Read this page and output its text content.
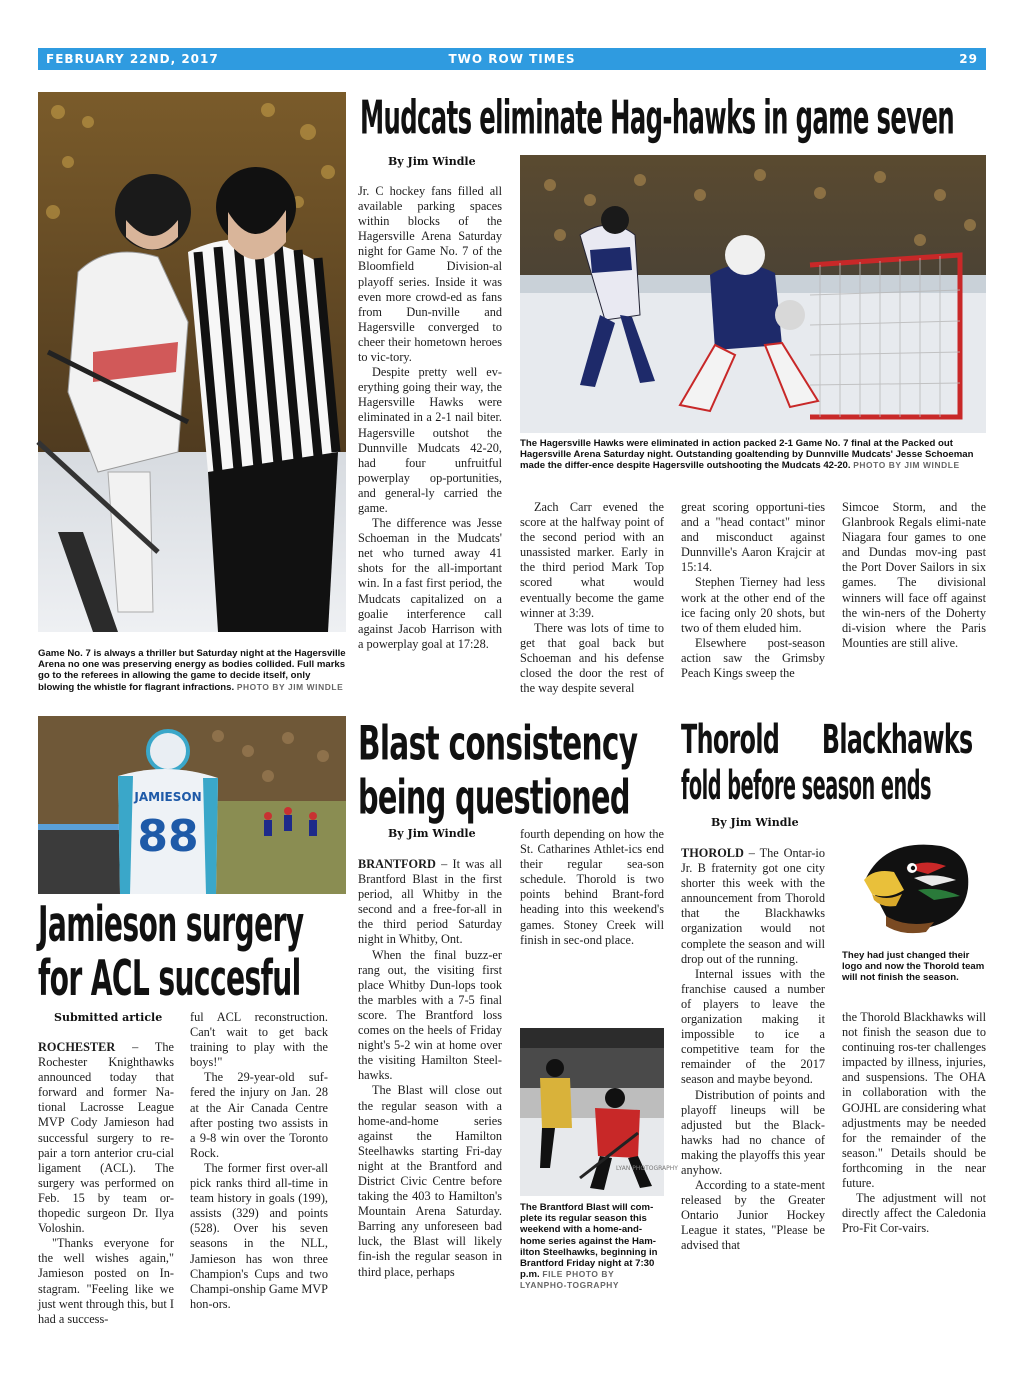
TWO ROW TIMES
FEBRUARY 22ND, 2017	29
Game No. 7 is always a thriller but Saturday night at the Hagersville Arena no one was preserving energy as bodies collided. Full marks go to the referees in allowing the game to decide itself, only blowing the whistle for flagrant infractions. PHOTO BY JIM WINDLE
Mudcats eliminate Hag-hawks in game seven
By Jim Windle

Jr. C hockey fans filled all available parking spaces within blocks of the Hagersville Arena Saturday night for Game No. 7 of the Bloomfield Division-al playoff series. Inside it was even more crowd-ed as fans from Dun-nville and Hagersville converged to cheer their hometown heroes to vic-tory.

Despite pretty well ev-erything going their way, the Hagersville Hawks were eliminated in a 2-1 nail biter. Hagersville outshot the Dunnville Mudcats 42-20, had four unfruitful powerplay op-portunities, and general-ly carried the game.

The difference was Jesse Schoeman in the Mudcats' net who turned away 41 shots for the all-important win. In a fast first period, the Mudcats capitalized on a goalie interference call against Jacob Harrison with a powerplay goal at 17:28.

The Hagersville Hawks were eliminated in action packed 2-1 Game No. 7 final at the Packed out Hagersville Arena Saturday night. Outstanding goaltending by Dunnville Mudcats' Jesse Schoeman made the differ-ence despite Hagersville outshooting the Mudcats 42-20. PHOTO BY JIM WINDLE

Zach Carr evened the score at the halfway point of the second period with an unassisted marker. Early in the third period Mark Top scored what would eventually become the game winner at 3:39.

There was lots of time to get that goal back but Schoeman and his defense closed the door the rest of the way despite several

great scoring opportuni-ties and a "head contact" minor and misconduct against Dunnville's Aaron Krajcir at 15:14.

Stephen Tierney had less work at the other end of the ice facing only 20 shots, but two of them eluded him.

Elsewhere post-season action saw the Grimsby Peach Kings sweep the

Simcoe Storm, and the Glanbrook Regals elimi-nate Niagara four games to one and Dundas mov-ing past the Port Dover Sailors in six games. The divisional winners will face off against the win-ners of the Doherty di-vision where the Paris Mounties are still alive.

JAMIESON
88
Jamieson surgery
for ACL succesful
Submitted article

ROCHESTER – The Rochester Knighthawks announced today that forward and former Na-tional Lacrosse League MVP Cody Jamieson had successful surgery to re-pair a torn anterior cru-cial ligament (ACL). The surgery was performed on Feb. 15 by team or-thopedic surgeon Dr. Ilya Voloshin.

"Thanks everyone for the well wishes again," Jamieson posted on In-stagram. "Feeling like we just went through this, but I had a success-

ful ACL reconstruction. Can't wait to get back training to play with the boys!"

The 29-year-old suf-fered the injury on Jan. 28 at the Air Canada Centre after posting two assists in a 9-8 win over the Toronto Rock.

The former first over-all pick ranks third all-time in team history in goals (199), assists (329) and points (528). Over his seven seasons in the NLL, Jamieson has won three Champion's Cups and two Champi-onship Game MVP hon-ors.

Blast consistency
being questioned
By Jim Windle

BRANTFORD – It was all Brantford Blast in the first period, all Whitby in the second and a free-for-all in the third period Saturday night in Whitby, Ont.

When the final buzz-er rang out, the visiting first place Whitby Dun-lops took the marbles with a 7-5 final score. The Brantford loss comes on the heels of Friday night's 5-2 win at home over the visiting Hamilton Steel-hawks.

The Blast will close out the regular season with a home-and-home series against the Hamilton Steelhawks starting Fri-day night at the Brantford and District Civic Centre before taking the 403 to Hamilton's Mountain Arena Saturday. Barring any unforeseen bad luck, the Blast will likely fin-ish the regular season in third place, perhaps

fourth depending on how the St. Catharines Athlet-ics end their regular sea-son schedule. Thorold is two points behind Brant-ford heading into this weekend's games. Stoney Creek will finish in sec-ond place.

LYAN PHOTOGRAPHY
The Brantford Blast will com-plete its regular season this weekend with a home-and-home series against the Ham-ilton Steelhawks, beginning in Brantford Friday night at 7:30 p.m. FILE PHOTO BY LYANPHO-TOGRAPHY
Thorold Blackhawks
fold before season ends
By Jim Windle

THOROLD – The Ontar-io Jr. B fraternity got one city shorter this week with the announcement from Thorold that the Blackhawks organization would not complete the season and will drop out of the running.

Internal issues with the franchise caused a number of players to leave the organization making it impossible to ice a competitive team for the remainder of the 2017 season and maybe beyond.

Distribution of points and playoff lineups will be adjusted but the Black-hawks had no chance of making the playoffs this year anyhow.

According to a state-ment released by the Greater Ontario Junior Hockey League it states, "Please be advised that

They had just changed their logo and now the Thorold team will not finish the season.

the Thorold Blackhawks will not finish the season due to continuing ros-ter challenges impacted by illness, injuries, and suspensions. The OHA in collaboration with the GOJHL are considering what adjustments may be needed for the remainder of the season." Details should be forthcoming in the near future.

The adjustment will not directly affect the Caledonia Pro-Fit Cor-vairs.
